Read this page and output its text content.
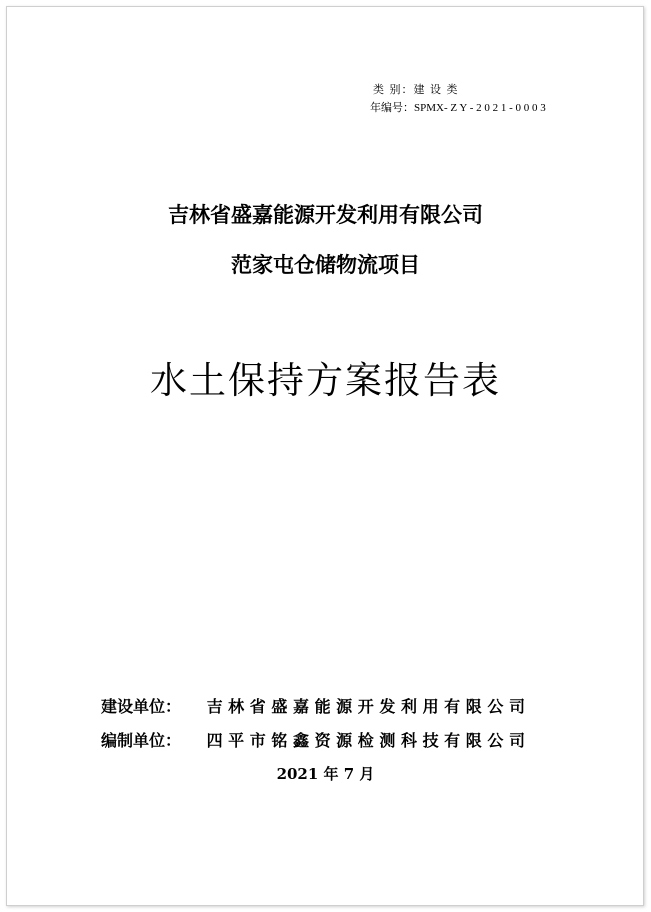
类 别：建 设 类
年编号：SPMX- Z Y - 2 0 2 1 - 0 0 0 3
吉林省盛嘉能源开发利用有限公司
范家屯仓储物流项目
水土保持方案报告表
建设单位： 吉林省盛嘉能源开发利用有限公司
编制单位： 四平市铭鑫资源检测科技有限公司
2021 年 7 月
